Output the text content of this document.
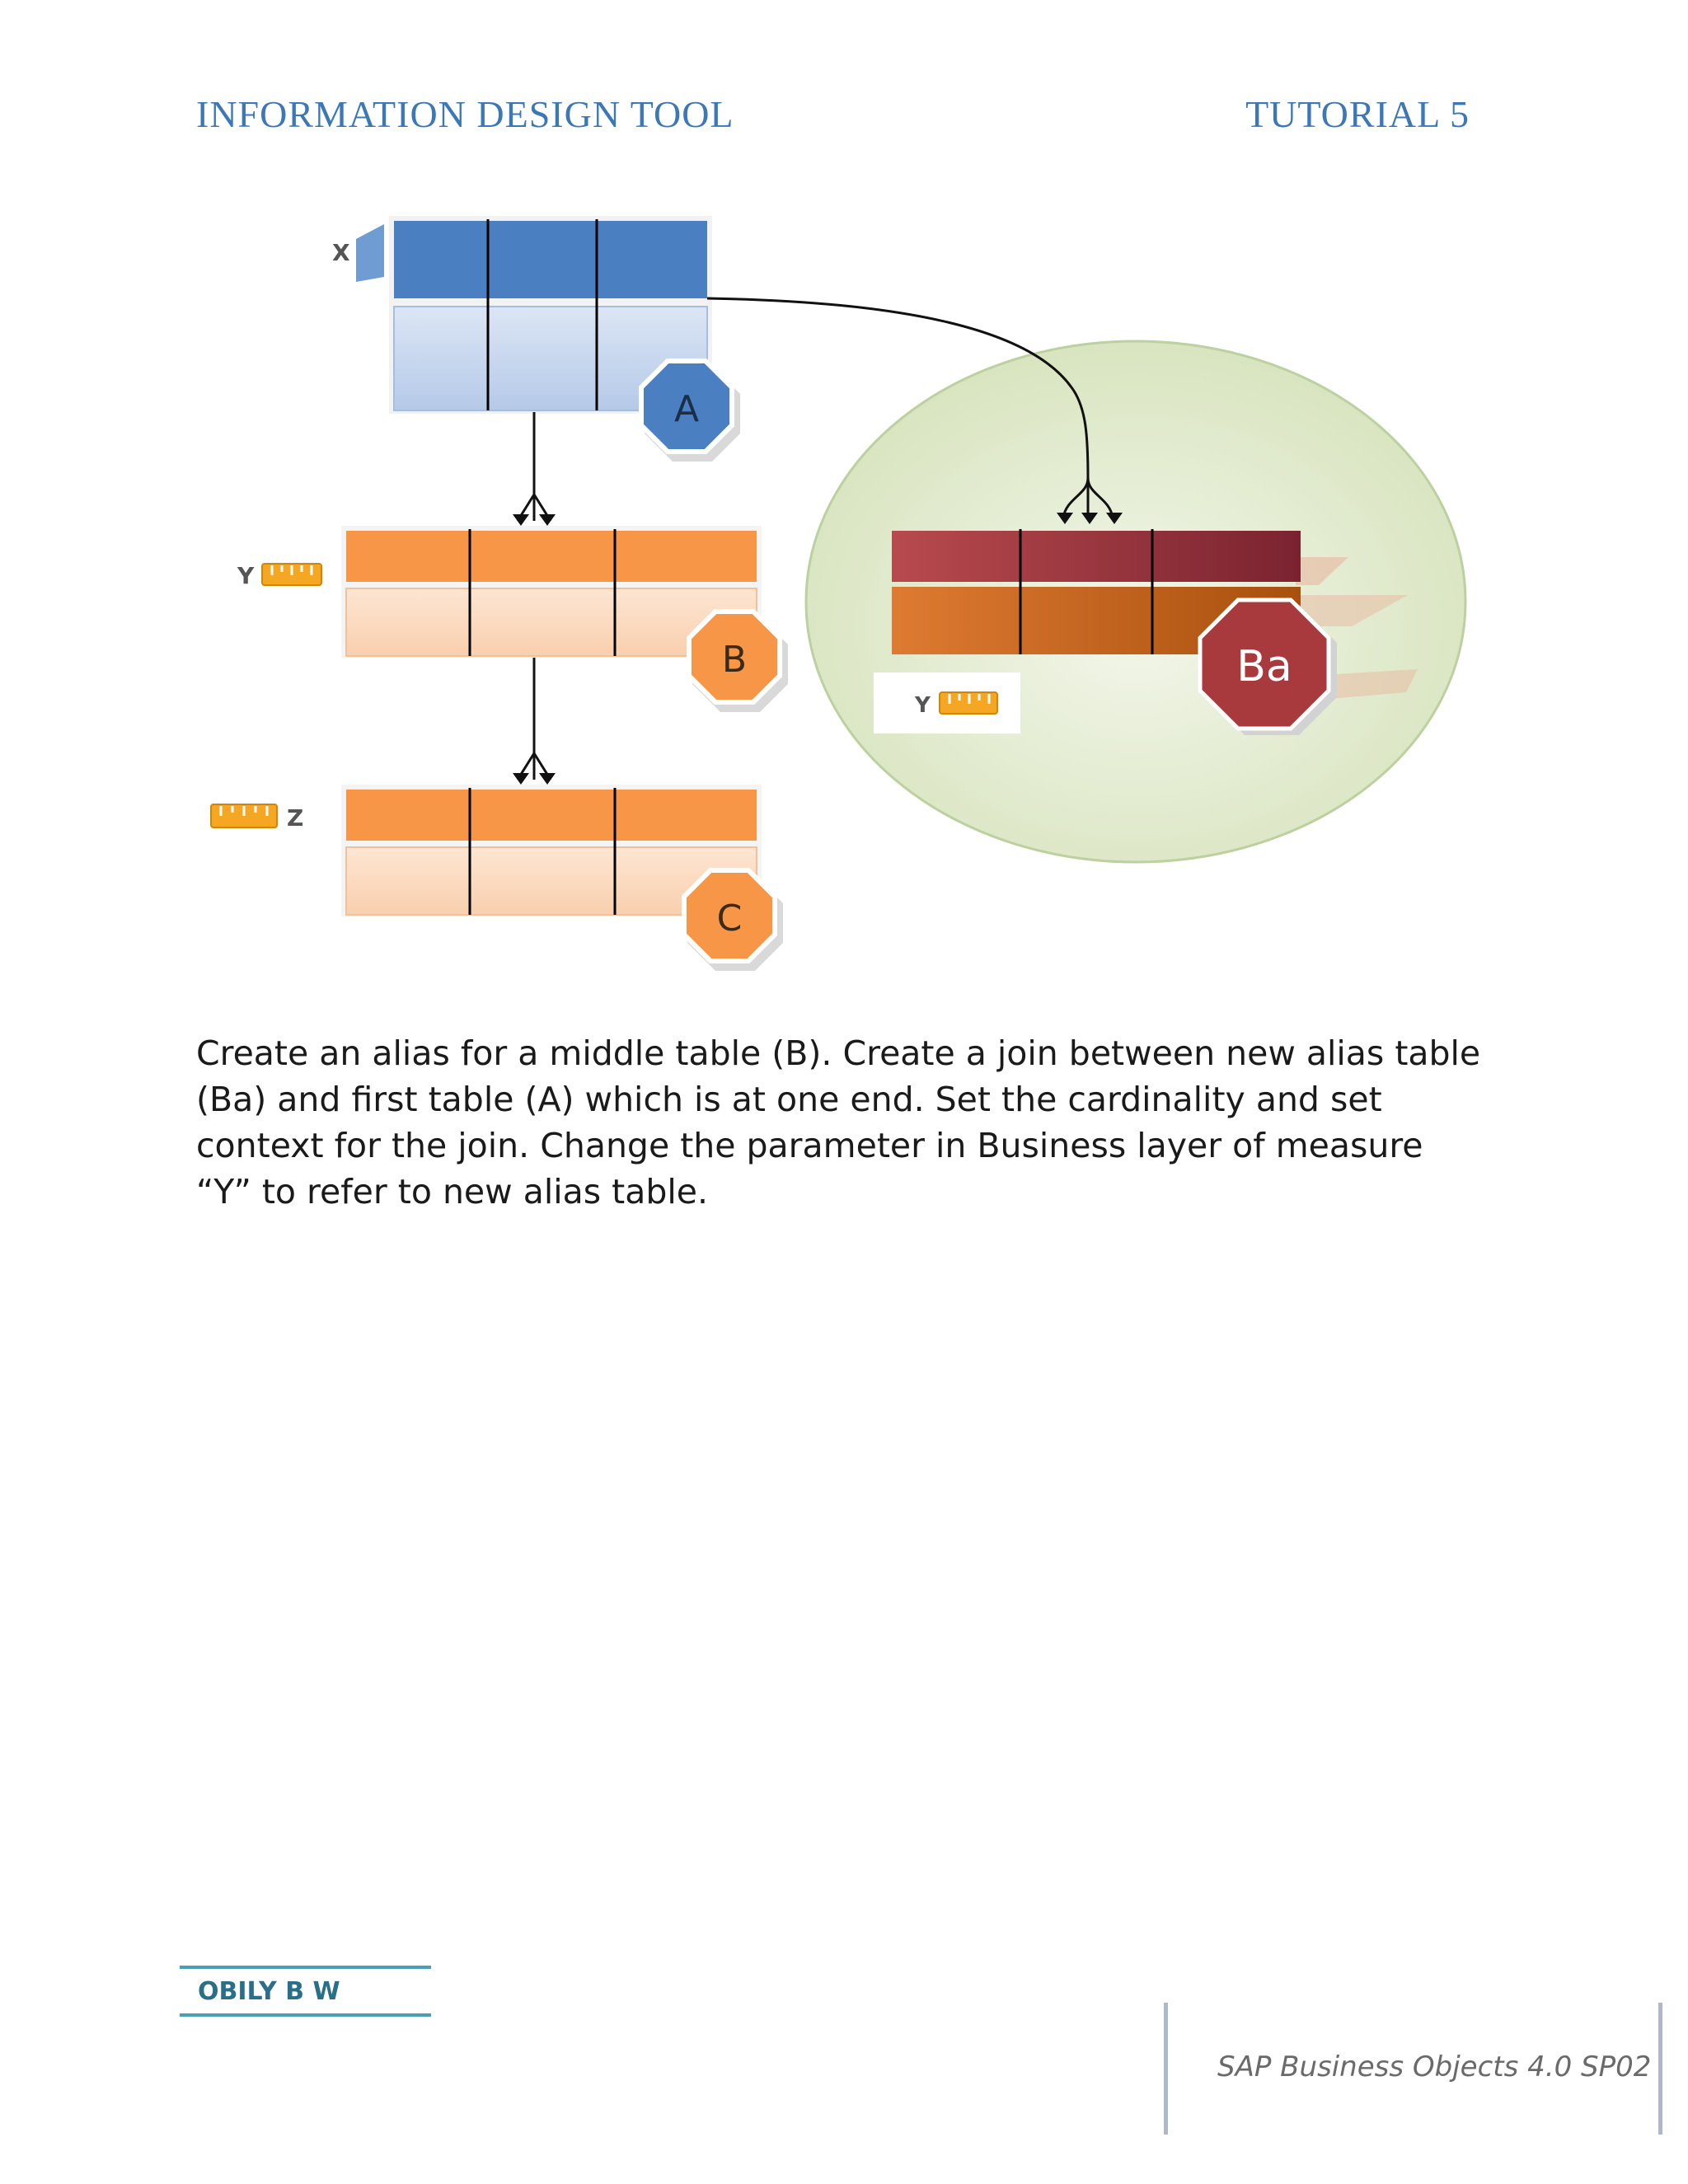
INFORMATION DESIGN TOOL	TUTORIAL 5
X
Y
Z
Y
A
B
C
Ba

Create an alias for a middle table (B). Create a join between new alias table (Ba) and first table (A) which is at one end. Set the cardinality and set context for the join. Change the parameter in Business layer of measure “Y” to refer to new alias table.

OBILY B W
SAP Business Objects 4.0 SP02
